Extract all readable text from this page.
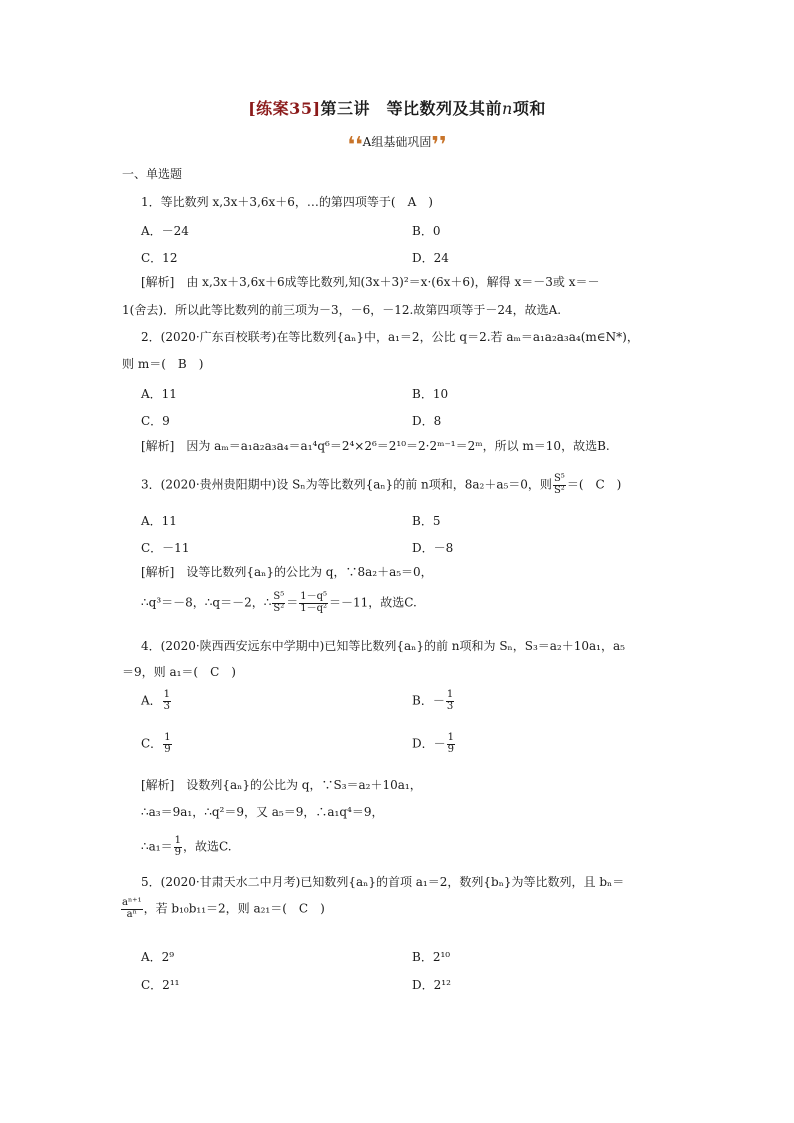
[练案35]第三讲　等比数列及其前n项和
❛❛A组基础巩固❜❜
一、单选题
1．等比数列 x,3x＋3,6x＋6，…的第四项等于(　A　)
A．－24	B．0
C．12	D．24
[解析]　由 x,3x＋3,6x＋6成等比数列,知(3x＋3)²＝x·(6x＋6)，解得 x＝－3或 x＝－
1(舍去)．所以此等比数列的前三项为－3，－6，－12.故第四项等于－24，故选A.
2．(2020·广东百校联考)在等比数列{aₙ}中，a₁＝2，公比 q＝2.若 aₘ＝a₁a₂a₃a₄(m∈N*)，
则 m＝(　B　)
A．11	B．10
C．9	D．8
[解析]　因为 aₘ＝a₁a₂a₃a₄＝a₁⁴q⁶＝2⁴×2⁶＝2¹⁰＝2·2ᵐ⁻¹＝2ᵐ，所以 m＝10，故选B.
3．(2020·贵州贵阳期中)设 Sₙ为等比数列{aₙ}的前 n项和，8a₂＋a₅＝0，则 $\frac{\text{S⁵}}{\text{S²}}$ ＝(　C　)
A．11	B．5
C．－11	D．－8
[解析]　设等比数列{aₙ}的公比为 q，∵8a₂＋a₅＝0，
∴q³＝－8，∴q＝－2，∴ $\frac{\text{S⁵}}{\text{S²}} = \frac{\text{1－q⁵}}{\text{1－q²}} =-11$，故选C.
4．(2020·陕西西安远东中学期中)已知等比数列{aₙ}的前 n项和为 Sₙ，S₃＝a₂＋10a₁，a₅
＝9，则 a₁＝(　C　)
A． $\frac{1}{3}$	B．－ $\frac{1}{3}$
C． $\frac{1}{9}$	D．－ $\frac{1}{9}$
[解析]　设数列{aₙ}的公比为 q，∵S₃＝a₂＋10a₁，
∴a₃＝9a₁，∴q²＝9，又 a₅＝9，∴a₁q⁴＝9，
∴a₁＝ $\frac{1}{9}$ ，故选C.
5．(2020·甘肃天水二中月考)已知数列{aₙ}的首项 a₁＝2，数列{bₙ}为等比数列，且 bₙ＝
$\frac{\text{aⁿ⁺¹}}{\text{aⁿ}}$ ，若 b₁₀b₁₁＝2，则 a₂₁＝(　C　)
A．2⁹	B．2¹⁰
C．2¹¹	D．2¹²
